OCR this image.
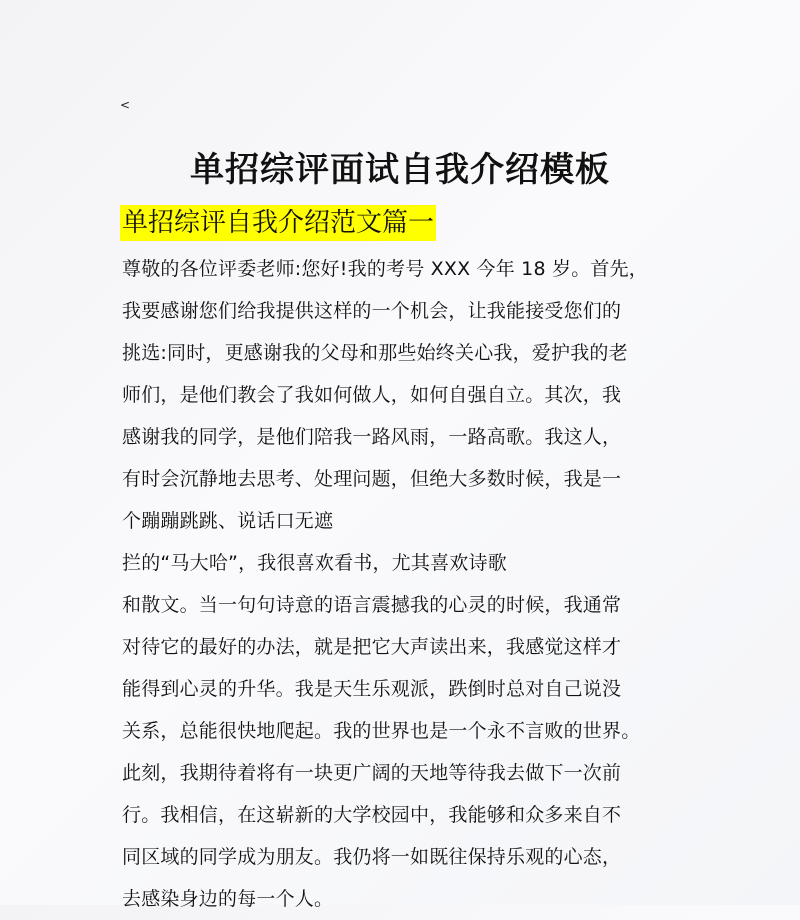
<
单招综评面试自我介绍模板
单招综评自我介绍范文篇一
尊敬的各位评委老师:您好!我的考号 XXX 今年 18 岁。首先，
我要感谢您们给我提供这样的一个机会，让我能接受您们的
挑选:同时，更感谢我的父母和那些始终关心我，爱护我的老
师们，是他们教会了我如何做人，如何自强自立。其次，我
感谢我的同学，是他们陪我一路风雨，一路高歌。我这人，
有时会沉静地去思考、处理问题，但绝大多数时候，我是一
个蹦蹦跳跳、说话口无遮
拦的“马大哈”，我很喜欢看书，尤其喜欢诗歌
和散文。当一句句诗意的语言震撼我的心灵的时候，我通常
对待它的最好的办法，就是把它大声读出来，我感觉这样才
能得到心灵的升华。我是天生乐观派，跌倒时总对自己说没
关系，总能很快地爬起。我的世界也是一个永不言败的世界。
此刻，我期待着将有一块更广阔的天地等待我去做下一次前
行。我相信，在这崭新的大学校园中，我能够和众多来自不
同区域的同学成为朋友。我仍将一如既往保持乐观的心态，
去感染身边的每一个人。
